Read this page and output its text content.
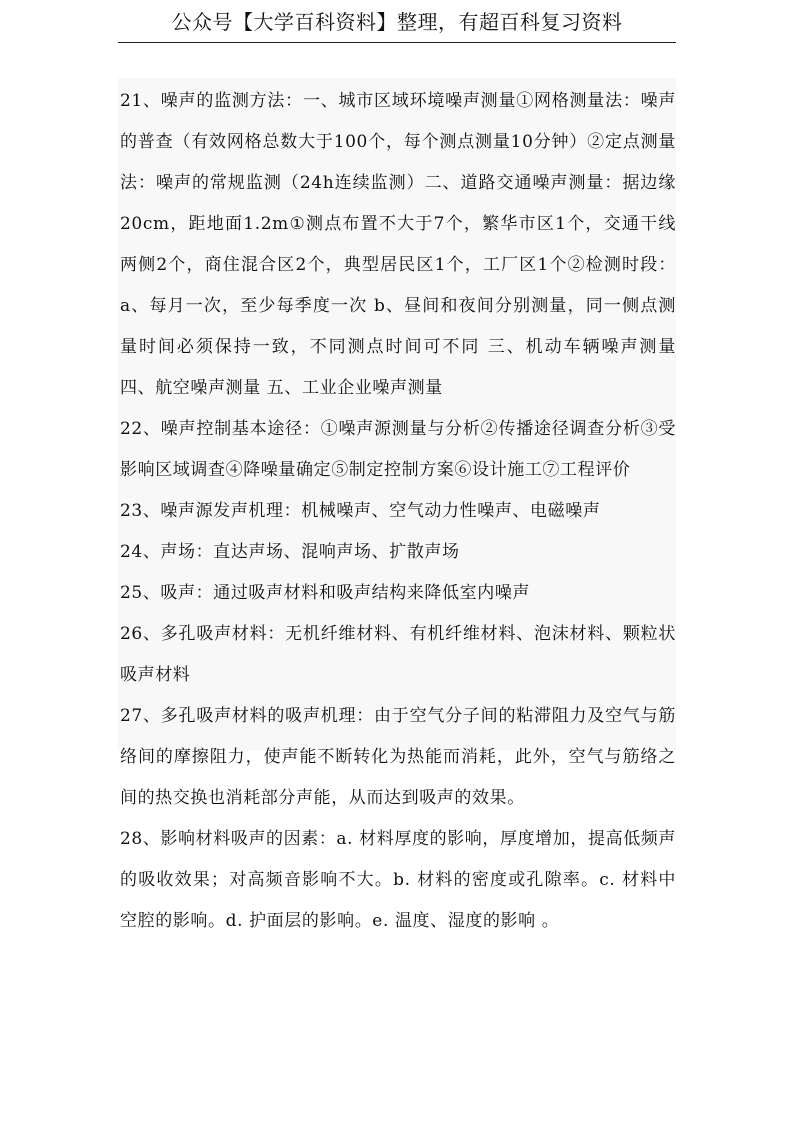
公众号【大学百科资料】整理，有超百科复习资料

21、噪声的监测方法：一、城市区域环境噪声测量①网格测量法：噪声的普查（有效网格总数大于100个，每个测点测量10分钟）②定点测量法：噪声的常规监测（24h连续监测）二、道路交通噪声测量：据边缘20cm，距地面1.2m①测点布置不大于7个，繁华市区1个，交通干线两侧2个，商住混合区2个，典型居民区1个，工厂区1个②检测时段：a、每月一次，至少每季度一次 b、昼间和夜间分别测量，同一侧点测量时间必须保持一致，不同测点时间可不同 三、机动车辆噪声测量 四、航空噪声测量 五、工业企业噪声测量

22、噪声控制基本途径：①噪声源测量与分析②传播途径调查分析③受影响区域调查④降噪量确定⑤制定控制方案⑥设计施工⑦工程评价

23、噪声源发声机理：机械噪声、空气动力性噪声、电磁噪声

24、声场：直达声场、混响声场、扩散声场

25、吸声：通过吸声材料和吸声结构来降低室内噪声

26、多孔吸声材料：无机纤维材料、有机纤维材料、泡沫材料、颗粒状吸声材料

27、多孔吸声材料的吸声机理：由于空气分子间的粘滞阻力及空气与筋络间的摩擦阻力，使声能不断转化为热能而消耗，此外，空气与筋络之间的热交换也消耗部分声能，从而达到吸声的效果。

28、影响材料吸声的因素：a. 材料厚度的影响，厚度增加，提高低频声的吸收效果；对高频音影响不大。b. 材料的密度或孔隙率。c. 材料中空腔的影响。d. 护面层的影响。e. 温度、湿度的影响 。
